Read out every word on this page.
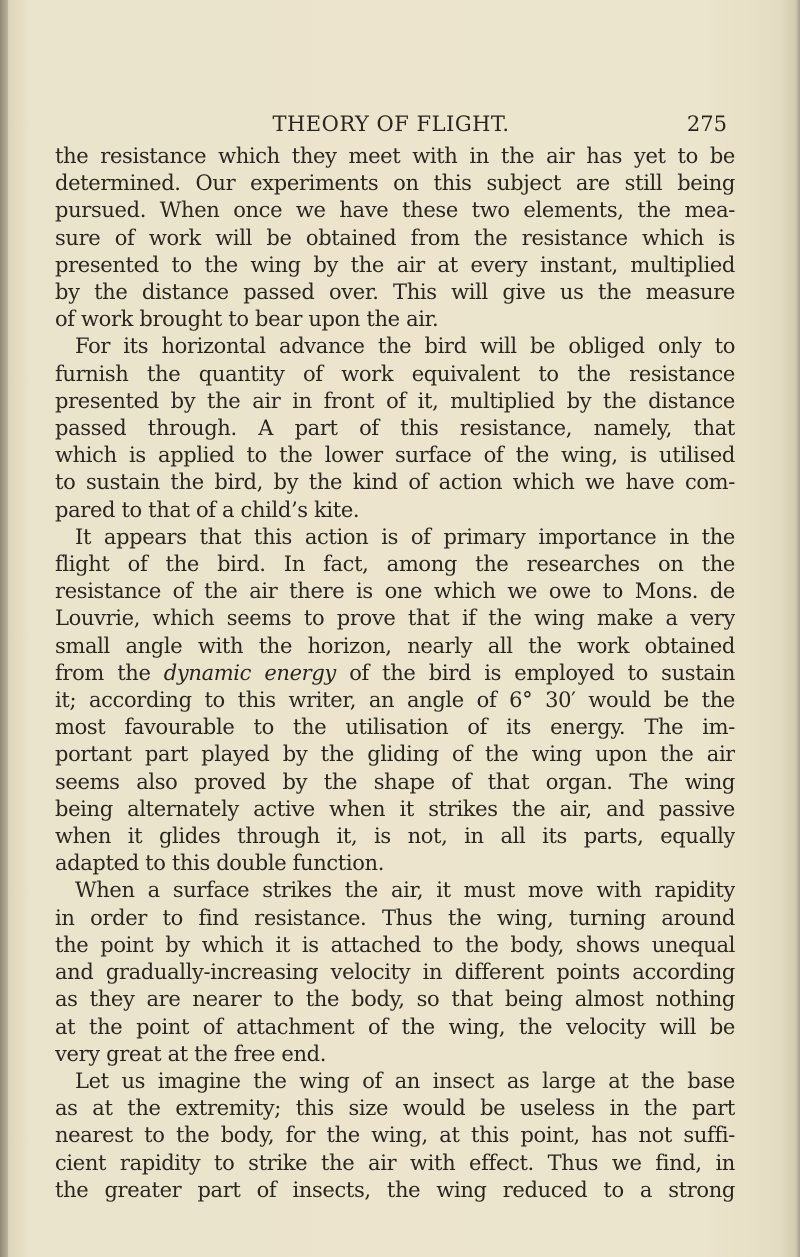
THEORY OF FLIGHT.	275
the resistance which they meet with in the air has yet to be
determined. Our experiments on this subject are still being
pursued. When once we have these two elements, the mea-
sure of work will be obtained from the resistance which is
presented to the wing by the air at every instant, multiplied
by the distance passed over. This will give us the measure
of work brought to bear upon the air.
For its horizontal advance the bird will be obliged only to
furnish the quantity of work equivalent to the resistance
presented by the air in front of it, multiplied by the distance
passed through. A part of this resistance, namely, that
which is applied to the lower surface of the wing, is utilised
to sustain the bird, by the kind of action which we have com-
pared to that of a child’s kite.
It appears that this action is of primary importance in the
flight of the bird. In fact, among the researches on the
resistance of the air there is one which we owe to Mons. de
Louvrie, which seems to prove that if the wing make a very
small angle with the horizon, nearly all the work obtained
from the dynamic energy of the bird is employed to sustain
it; according to this writer, an angle of 6° 30′ would be the
most favourable to the utilisation of its energy. The im-
portant part played by the gliding of the wing upon the air
seems also proved by the shape of that organ. The wing
being alternately active when it strikes the air, and passive
when it glides through it, is not, in all its parts, equally
adapted to this double function.
When a surface strikes the air, it must move with rapidity
in order to find resistance. Thus the wing, turning around
the point by which it is attached to the body, shows unequal
and gradually-increasing velocity in different points according
as they are nearer to the body, so that being almost nothing
at the point of attachment of the wing, the velocity will be
very great at the free end.
Let us imagine the wing of an insect as large at the base
as at the extremity; this size would be useless in the part
nearest to the body, for the wing, at this point, has not suffi-
cient rapidity to strike the air with effect. Thus we find, in
the greater part of insects, the wing reduced to a strong
